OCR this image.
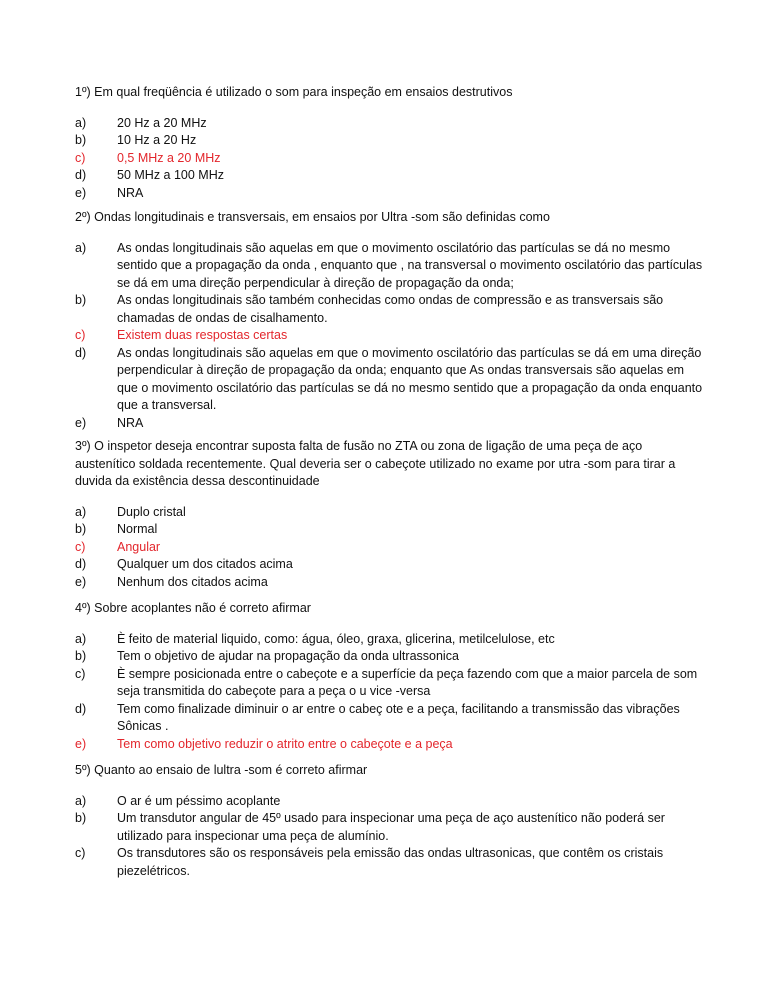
1º) Em qual freqüência é utilizado o som para inspeção em ensaios destrutivos

a) 20 Hz a 20 MHz
b) 10 Hz a 20 Hz
c)	0,5 MHz a 20 MHz
d) 50 MHz a 100 MHz
e) NRA

2º) Ondas longitudinais e transversais, em ensaios por Ultra -som são definidas como

a) As ondas longitudinais são aquelas em que o movimento oscilatório das partículas se dá no mesmo sentido que a propagação da onda , enquanto que , na transversal o movimento oscilatório das partículas se dá em uma direção perpendicular à direção de propagação da onda;
b) As ondas longitudinais são também conhecidas como ondas de compressão e as transversais são chamadas de ondas de cisalhamento.
c)	Existem duas respostas certas
d) As ondas longitudinais são aquelas em que o movimento oscilatório das partículas se dá em uma direção perpendicular à direção de propagação da onda; enquanto que As ondas transversais são aquelas em que o movimento oscilatório das partículas se dá no mesmo sentido que a propagação da onda enquanto que a transversal.
e) NRA

3º) O inspetor deseja encontrar suposta falta de fusão no ZTA ou zona de ligação de uma peça de aço austenítico soldada recentemente. Qual deveria ser o cabeçote utilizado no exame por utra -som para tirar a duvida da existência dessa descontinuidade

a) Duplo cristal
b) Normal
c)	Angular
d) Qualquer um dos citados acima
e) Nenhum dos citados acima

4º) Sobre acoplantes não é correto afirmar

a) È feito de material liquido, como: água, óleo, graxa, glicerina, metilcelulose, etc
b) Tem o objetivo de ajudar na propagação da onda ultrassonica
c)	È sempre posicionada entre o cabeçote e a superfície da peça fazendo com que a maior parcela de som seja transmitida do cabeçote para a peça o u vice -versa
d) Tem como finalizade diminuir o ar entre o cabeç ote e a peça, facilitando a transmissão das vibrações Sônicas .
e) Tem como objetivo reduzir o atrito entre o cabeçote e a peça

5º) Quanto ao ensaio de lultra -som é correto afirmar

a) O ar é um péssimo acoplante
b) Um transdutor angular de 45º usado para inspecionar uma peça de aço austenítico não poderá ser utilizado para inspecionar uma peça de alumínio.
c)	Os transdutores são os responsáveis pela emissão das ondas ultrasonicas, que contêm os cristais piezelétricos.
